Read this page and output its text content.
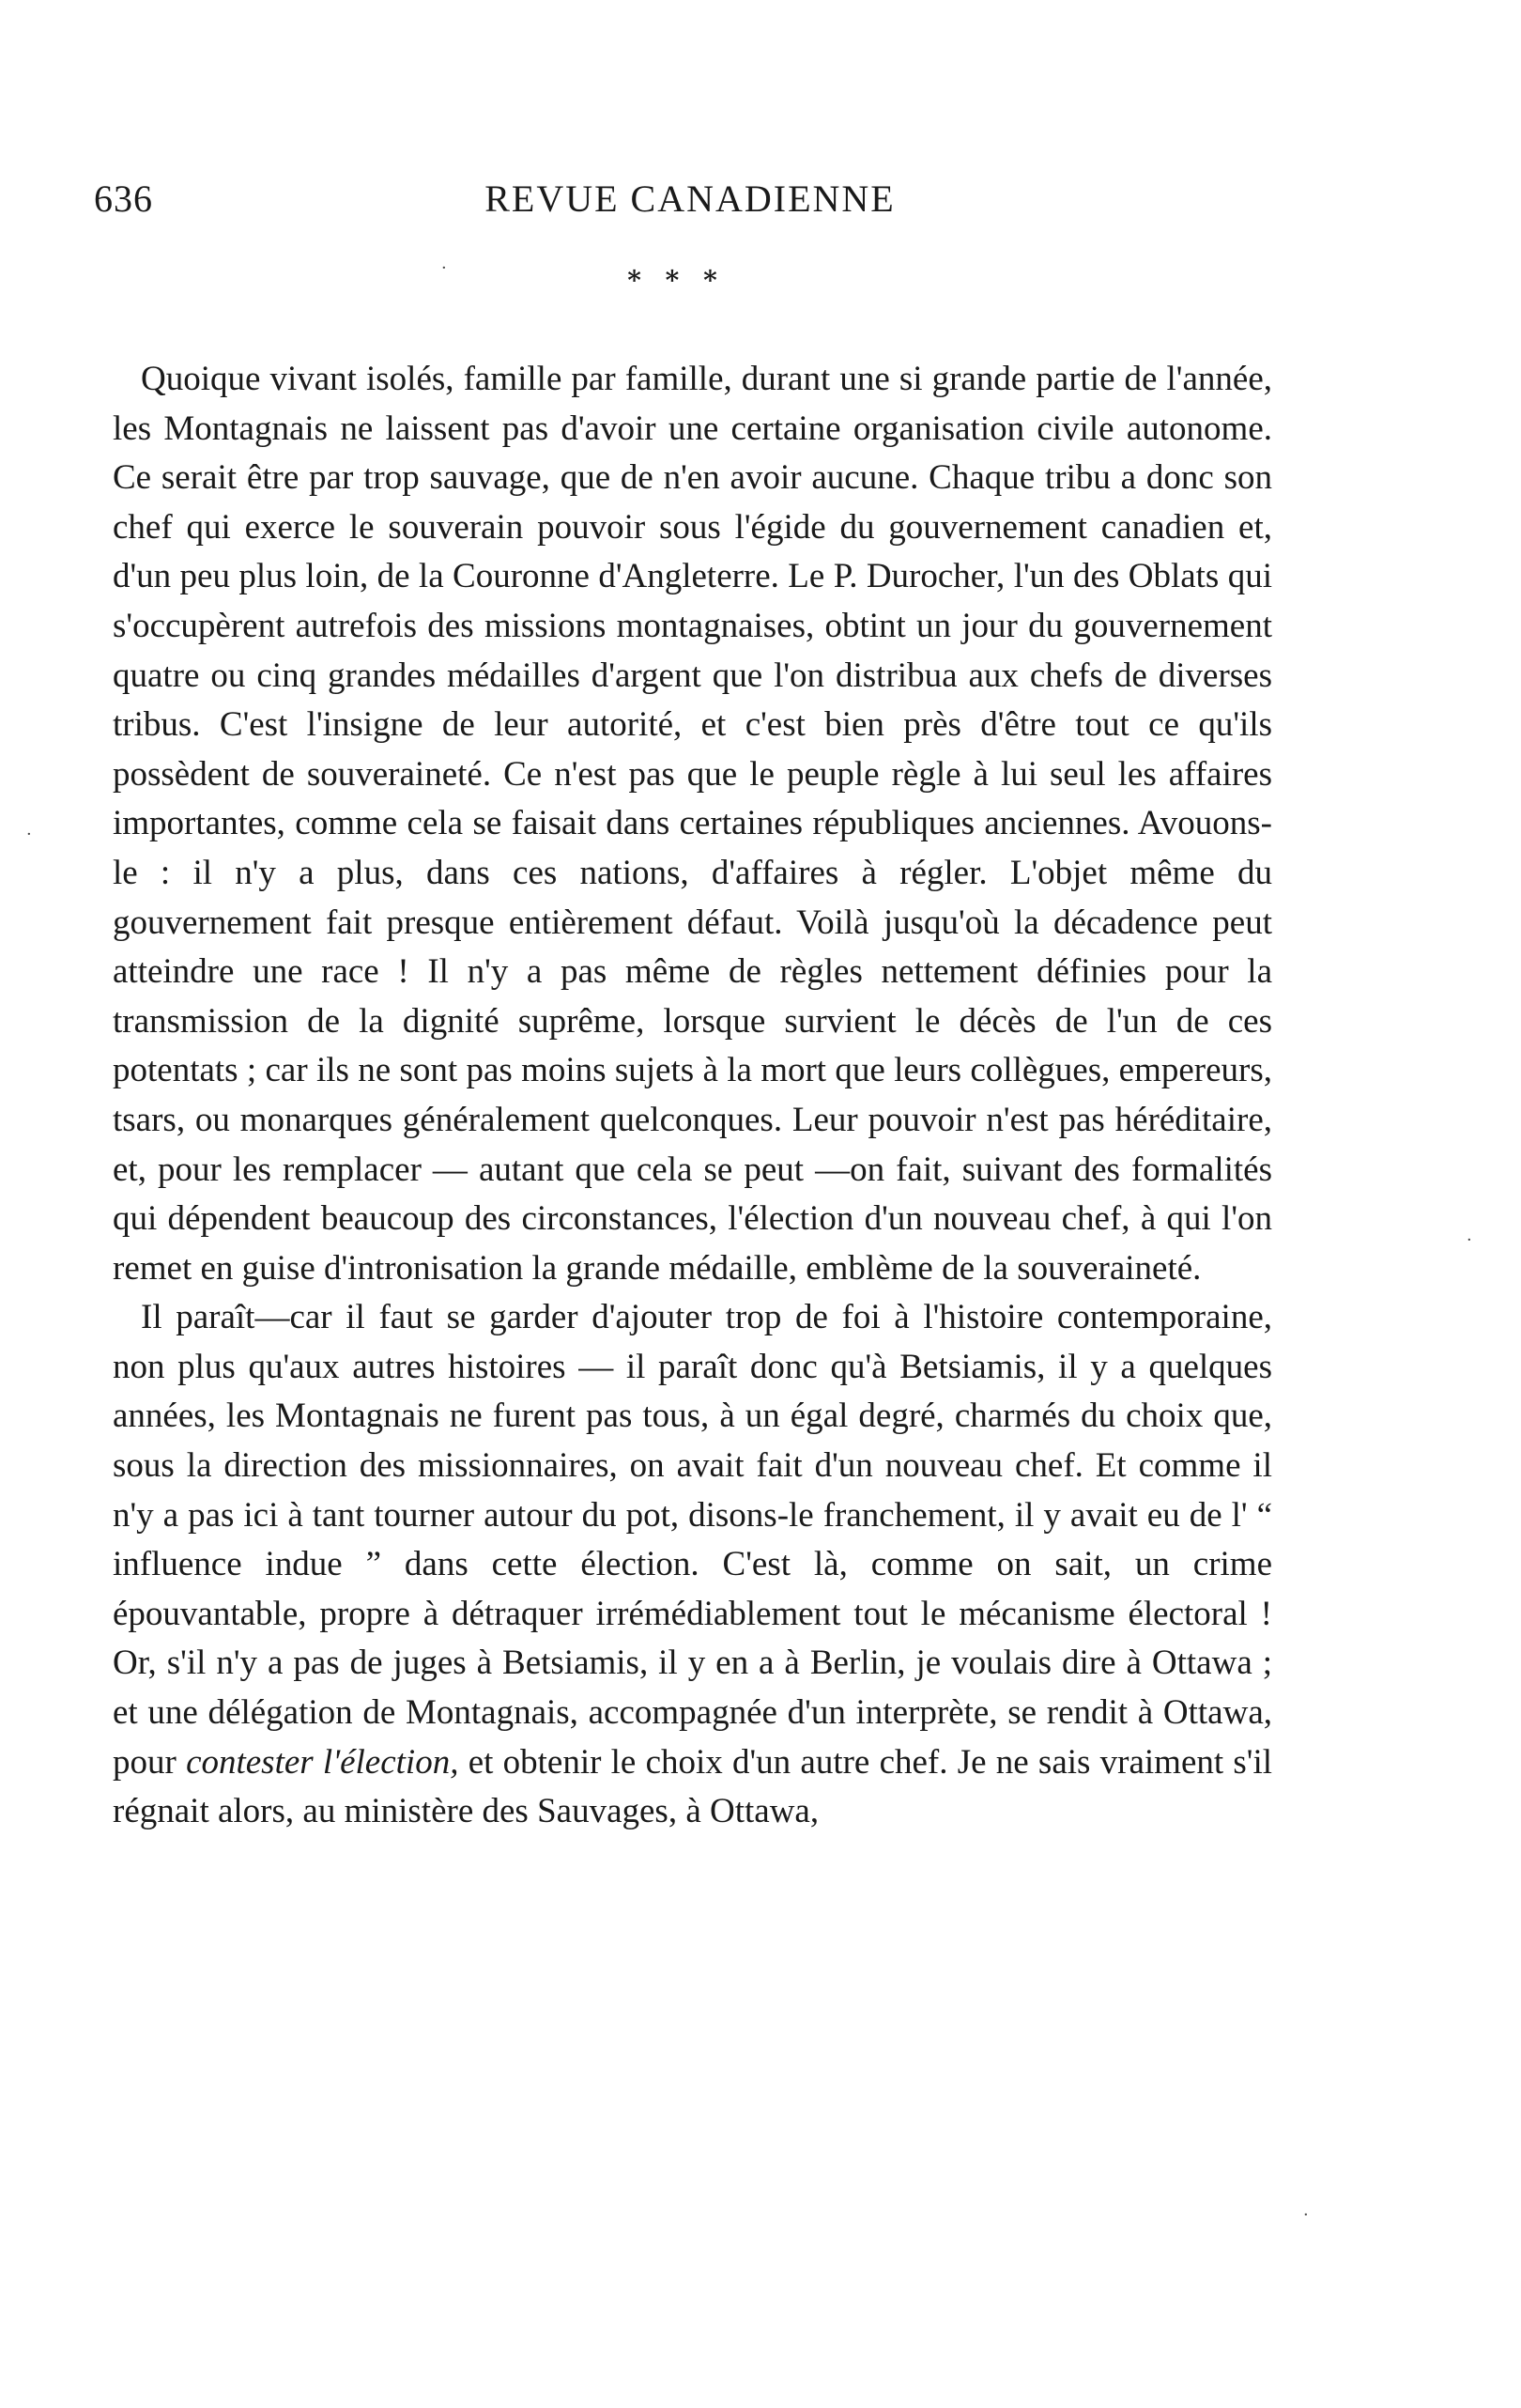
636	REVUE CANADIENNE
* * *

Quoique vivant isolés, famille par famille, durant une si grande partie de l'année, les Montagnais ne laissent pas d'avoir une certaine organisation civile autonome. Ce serait être par trop sauvage, que de n'en avoir aucune. Chaque tribu a donc son chef qui exerce le souverain pouvoir sous l'égide du gouvernement canadien et, d'un peu plus loin, de la Couronne d'Angleterre. Le P. Durocher, l'un des Oblats qui s'occupèrent autrefois des missions montagnaises, obtint un jour du gouvernement quatre ou cinq grandes médailles d'argent que l'on distribua aux chefs de diverses tribus. C'est l'insigne de leur autorité, et c'est bien près d'être tout ce qu'ils possèdent de souveraineté. Ce n'est pas que le peuple règle à lui seul les affaires importantes, comme cela se faisait dans certaines républiques anciennes. Avouons-le : il n'y a plus, dans ces nations, d'affaires à régler. L'objet même du gouvernement fait presque entièrement défaut. Voilà jusqu'où la décadence peut atteindre une race ! Il n'y a pas même de règles nettement définies pour la transmission de la dignité suprême, lorsque survient le décès de l'un de ces potentats ; car ils ne sont pas moins sujets à la mort que leurs collègues, empereurs, tsars, ou monarques généralement quelconques. Leur pouvoir n'est pas héréditaire, et, pour les remplacer — autant que cela se peut —on fait, suivant des formalités qui dépendent beaucoup des circonstances, l'élection d'un nouveau chef, à qui l'on remet en guise d'intronisation la grande médaille, emblème de la souveraineté.

Il paraît—car il faut se garder d'ajouter trop de foi à l'histoire contemporaine, non plus qu'aux autres histoires — il paraît donc qu'à Betsiamis, il y a quelques années, les Montagnais ne furent pas tous, à un égal degré, charmés du choix que, sous la direction des missionnaires, on avait fait d'un nouveau chef. Et comme il n'y a pas ici à tant tourner autour du pot, disons-le franchement, il y avait eu de l' “ influence indue ” dans cette élection. C'est là, comme on sait, un crime épouvantable, propre à détraquer irrémédiablement tout le mécanisme électoral ! Or, s'il n'y a pas de juges à Betsiamis, il y en a à Berlin, je voulais dire à Ottawa ; et une délégation de Montagnais, accompagnée d'un interprète, se rendit à Ottawa, pour contester l'élection, et obtenir le choix d'un autre chef. Je ne sais vraiment s'il régnait alors, au ministère des Sauvages, à Ottawa,

·
·
·
·
